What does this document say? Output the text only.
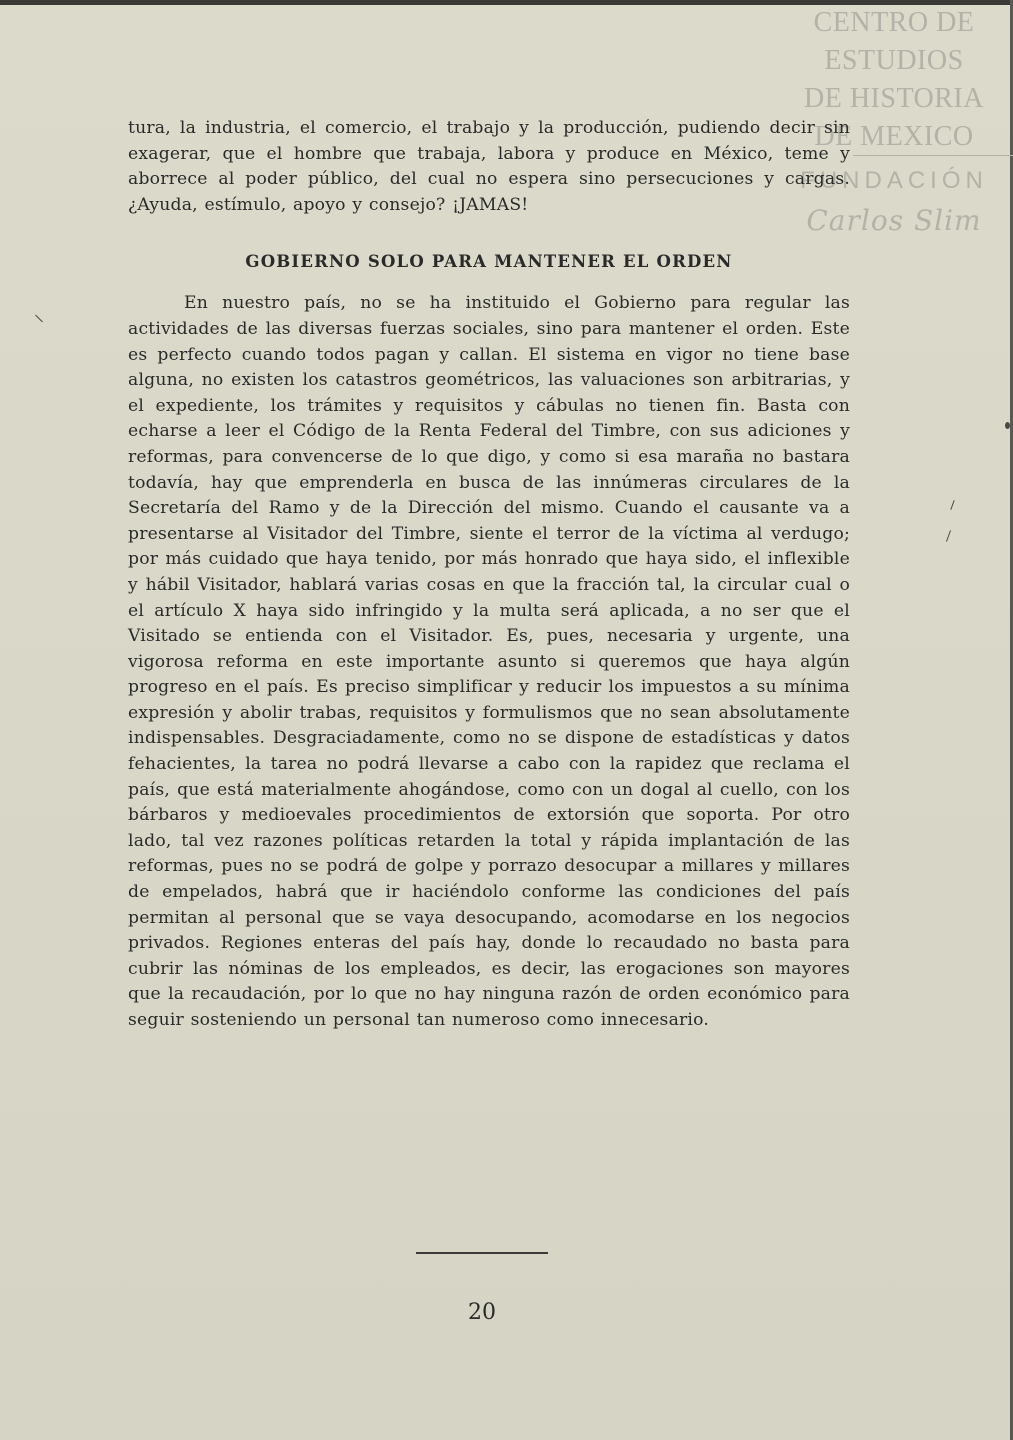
CENTRO DE
ESTUDIOS
DE HISTORIA
DE MEXICO
FUNDACIÓN
Carlos Slim

tura, la industria, el comercio, el trabajo y la producción, pudiendo decir sin exagerar, que el hombre que trabaja, labora y produce en México, teme y aborrece al poder público, del cual no espera sino persecuciones y cargas. ¿Ayuda, estímulo, apoyo y consejo? ¡JAMAS!

GOBIERNO SOLO PARA MANTENER EL ORDEN

En nuestro país, no se ha instituido el Gobierno para regular las actividades de las diversas fuerzas sociales, sino para mantener el orden. Este es perfecto cuando todos pagan y callan. El sistema en vigor no tiene base alguna, no existen los catastros geométricos, las valuaciones son arbitrarias, y el expediente, los trámites y requisitos y cábulas no tienen fin. Basta con echarse a leer el Código de la Renta Federal del Timbre, con sus adiciones y reformas, para convencerse de lo que digo, y como si esa maraña no bastara todavía, hay que emprenderla en busca de las innúmeras circulares de la Secretaría del Ramo y de la Dirección del mismo. Cuando el causante va a presentarse al Visitador del Timbre, siente el terror de la víctima al verdugo; por más cuidado que haya tenido, por más honrado que haya sido, el inflexible y hábil Visitador, hablará varias cosas en que la fracción tal, la circular cual o el artículo X haya sido infringido y la multa será aplicada, a no ser que el Visitado se entienda con el Visitador. Es, pues, necesaria y urgente, una vigorosa reforma en este importante asunto si queremos que haya algún progreso en el país. Es preciso simplificar y reducir los impuestos a su mínima expresión y abolir trabas, requisitos y formulismos que no sean absolutamente indispensables. Desgraciadamente, como no se dispone de estadísticas y datos fehacientes, la tarea no podrá llevarse a cabo con la rapidez que reclama el país, que está materialmente ahogándose, como con un dogal al cuello, con los bárbaros y medioevales procedimientos de extorsión que soporta. Por otro lado, tal vez razones políticas retarden la total y rápida implantación de las reformas, pues no se podrá de golpe y porrazo desocupar a millares y millares de empelados, habrá que ir haciéndolo conforme las condiciones del país permitan al personal que se vaya desocupando, acomodarse en los negocios privados. Regiones enteras del país hay, donde lo recaudado no basta para cubrir las nóminas de los empleados, es decir, las erogaciones son mayores que la recaudación, por lo que no hay ninguna razón de orden económico para seguir sosteniendo un personal tan numeroso como innecesario.

20
